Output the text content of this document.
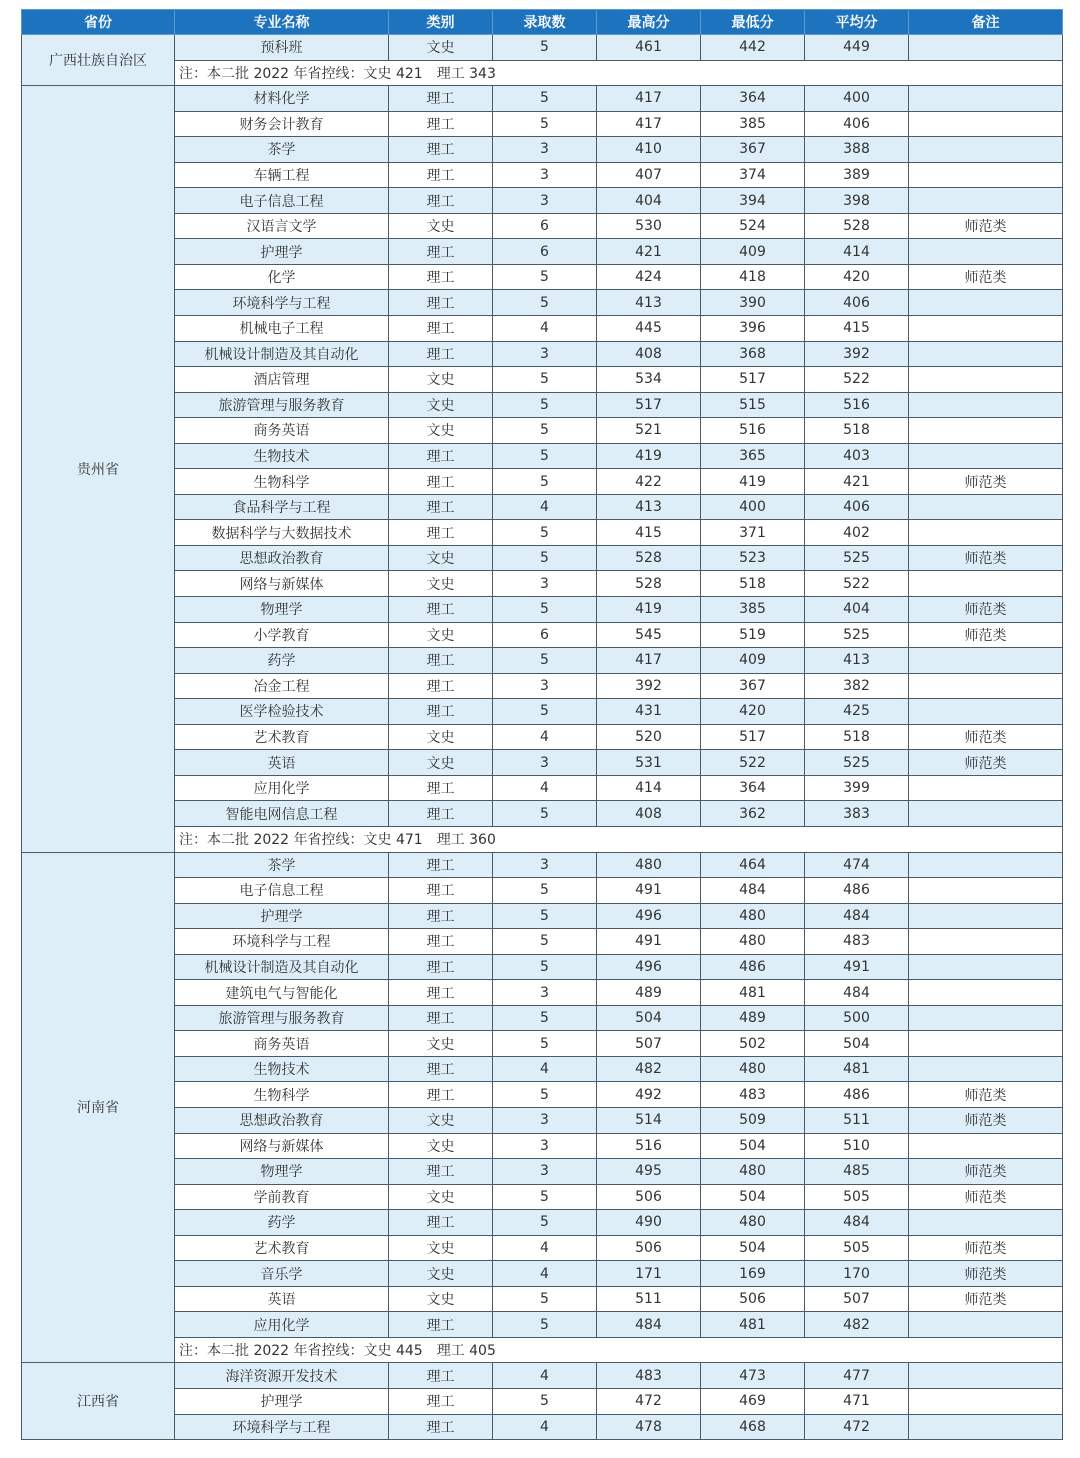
省份	专业名称	类别	录取数	最高分	最低分	平均分	备注
广西壮族自治区	预科班	文史	5	461	442	449	
	注：本二批 2022 年省控线：文史 421　理工 343						
贵州省	材料化学	理工	5	417	364	400	
	财务会计教育	理工	5	417	385	406	
	茶学	理工	3	410	367	388	
	车辆工程	理工	3	407	374	389	
	电子信息工程	理工	3	404	394	398	
	汉语言文学	文史	6	530	524	528	师范类
	护理学	理工	6	421	409	414	
	化学	理工	5	424	418	420	师范类
	环境科学与工程	理工	5	413	390	406	
	机械电子工程	理工	4	445	396	415	
	机械设计制造及其自动化	理工	3	408	368	392	
	酒店管理	文史	5	534	517	522	
	旅游管理与服务教育	文史	5	517	515	516	
	商务英语	文史	5	521	516	518	
	生物技术	理工	5	419	365	403	
	生物科学	理工	5	422	419	421	师范类
	食品科学与工程	理工	4	413	400	406	
	数据科学与大数据技术	理工	5	415	371	402	
	思想政治教育	文史	5	528	523	525	师范类
	网络与新媒体	文史	3	528	518	522	
	物理学	理工	5	419	385	404	师范类
	小学教育	文史	6	545	519	525	师范类
	药学	理工	5	417	409	413	
	冶金工程	理工	3	392	367	382	
	医学检验技术	理工	5	431	420	425	
	艺术教育	文史	4	520	517	518	师范类
	英语	文史	3	531	522	525	师范类
	应用化学	理工	4	414	364	399	
	智能电网信息工程	理工	5	408	362	383	
	注：本二批 2022 年省控线：文史 471　理工 360						
河南省	茶学	理工	3	480	464	474	
	电子信息工程	理工	5	491	484	486	
	护理学	理工	5	496	480	484	
	环境科学与工程	理工	5	491	480	483	
	机械设计制造及其自动化	理工	5	496	486	491	
	建筑电气与智能化	理工	3	489	481	484	
	旅游管理与服务教育	理工	5	504	489	500	
	商务英语	文史	5	507	502	504	
	生物技术	理工	4	482	480	481	
	生物科学	理工	5	492	483	486	师范类
	思想政治教育	文史	3	514	509	511	师范类
	网络与新媒体	文史	3	516	504	510	
	物理学	理工	3	495	480	485	师范类
	学前教育	文史	5	506	504	505	师范类
	药学	理工	5	490	480	484	
	艺术教育	文史	4	506	504	505	师范类
	音乐学	文史	4	171	169	170	师范类
	英语	文史	5	511	506	507	师范类
	应用化学	理工	5	484	481	482	
	注：本二批 2022 年省控线：文史 445　理工 405						
江西省	海洋资源开发技术	理工	4	483	473	477	
	护理学	理工	5	472	469	471	
	环境科学与工程	理工	4	478	468	472	
